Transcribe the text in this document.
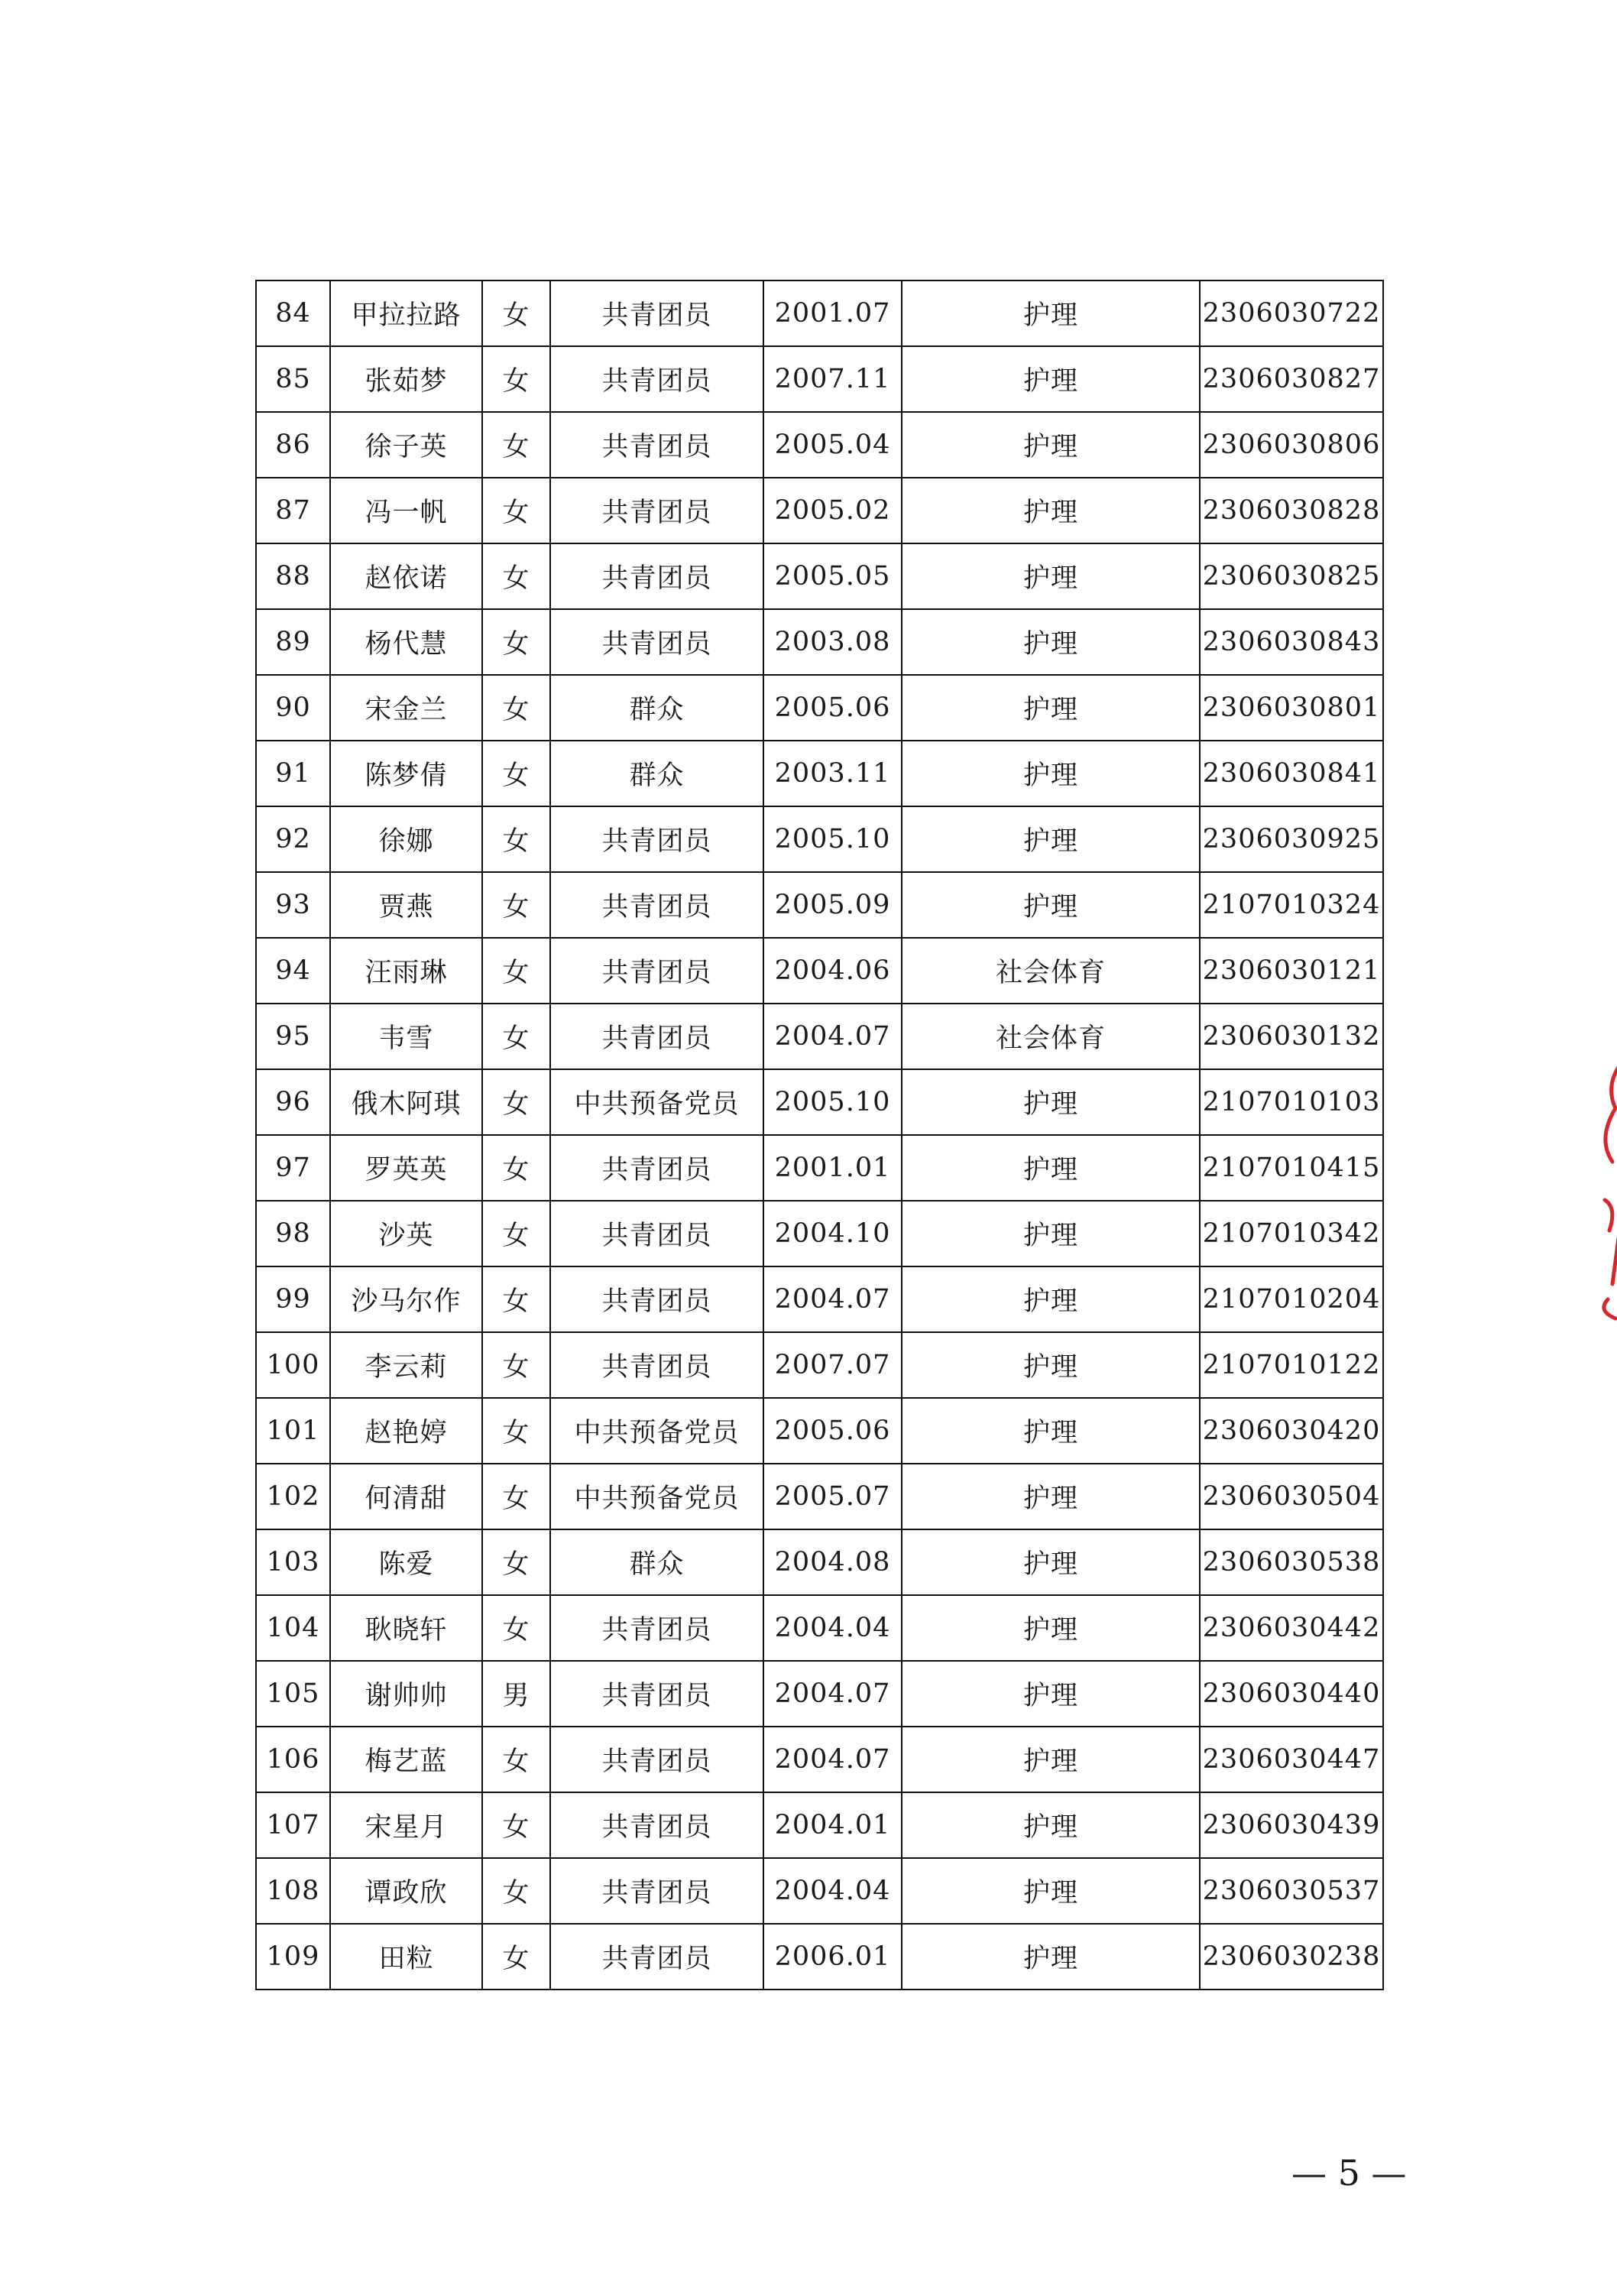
84	甲拉拉路	女	共青团员	2001.07	护理	2306030722
85	张茹梦	女	共青团员	2007.11	护理	2306030827
86	徐子英	女	共青团员	2005.04	护理	2306030806
87	冯一帆	女	共青团员	2005.02	护理	2306030828
88	赵依诺	女	共青团员	2005.05	护理	2306030825
89	杨代慧	女	共青团员	2003.08	护理	2306030843
90	宋金兰	女	群众	2005.06	护理	2306030801
91	陈梦倩	女	群众	2003.11	护理	2306030841
92	徐娜	女	共青团员	2005.10	护理	2306030925
93	贾燕	女	共青团员	2005.09	护理	2107010324
94	汪雨琳	女	共青团员	2004.06	社会体育	2306030121
95	韦雪	女	共青团员	2004.07	社会体育	2306030132
96	俄木阿琪	女	中共预备党员	2005.10	护理	2107010103
97	罗英英	女	共青团员	2001.01	护理	2107010415
98	沙英	女	共青团员	2004.10	护理	2107010342
99	沙马尔作	女	共青团员	2004.07	护理	2107010204
100	李云莉	女	共青团员	2007.07	护理	2107010122
101	赵艳婷	女	中共预备党员	2005.06	护理	2306030420
102	何清甜	女	中共预备党员	2005.07	护理	2306030504
103	陈爱	女	群众	2004.08	护理	2306030538
104	耿晓轩	女	共青团员	2004.04	护理	2306030442
105	谢帅帅	男	共青团员	2004.07	护理	2306030440
106	梅艺蓝	女	共青团员	2004.07	护理	2306030447
107	宋星月	女	共青团员	2004.01	护理	2306030439
108	谭政欣	女	共青团员	2004.04	护理	2306030537
109	田粒	女	共青团员	2006.01	护理	2306030238
— 5 —
